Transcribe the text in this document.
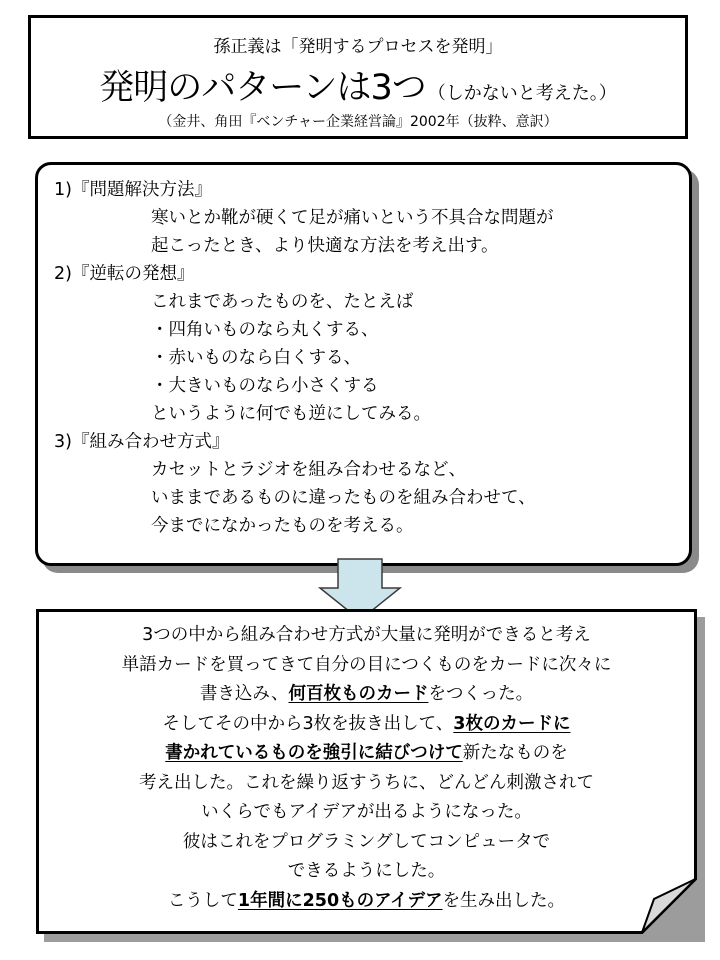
孫正義は「発明するプロセスを発明」
発明のパターンは3つ （しかないと考えた。）
（金井、角田『ベンチャー企業経営論』2002年（抜粋、意訳）
1)『問題解決方法』
寒いとか靴が硬くて足が痛いという不具合な問題が
起こったとき、より快適な方法を考え出す。
2)『逆転の発想』
これまであったものを、たとえば
・四角いものなら丸くする、
・赤いものなら白くする、
・大きいものなら小さくする
というように何でも逆にしてみる。
3)『組み合わせ方式』
カセットとラジオを組み合わせるなど、
いままであるものに違ったものを組み合わせて、
今までになかったものを考える。
3つの中から組み合わせ方式が大量に発明ができると考え
単語カードを買ってきて自分の目につくものをカードに次々に
書き込み、何百枚ものカードをつくった。
そしてその中から3枚を抜き出して、3枚のカードに
書かれているものを強引に結びつけて新たなものを
考え出した。これを繰り返すうちに、どんどん刺激されて
いくらでもアイデアが出るようになった。
彼はこれをプログラミングしてコンピュータで
できるようにした。
こうして1年間に250ものアイデアを生み出した。
